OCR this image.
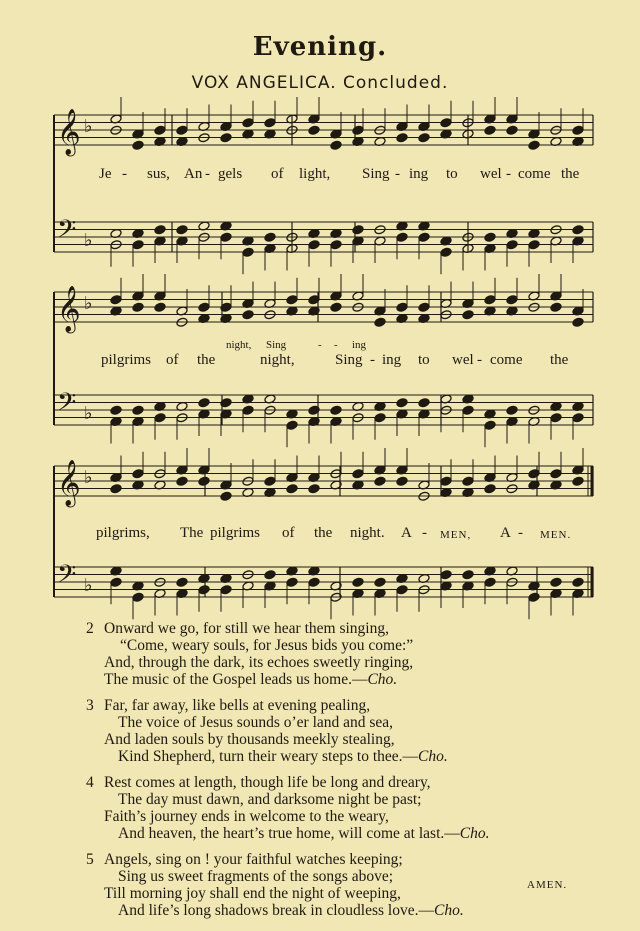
Evening.
VOX ANGELICA. Concluded.
𝄞 ♭
𝄢 ♭
𝄞 ♭
𝄢 ♭
𝄞 ♭
𝄢 ♭
Je - sus, An - gels of light, Sing - ing to wel - come the
night, Sing	- - ing
pilgrims of the	night,	Sing - ing to wel - come the
pilgrims, The pilgrims of the night. A - MEN, A - MEN.
2 Onward we go, for still we hear them singing,
“Come, weary souls, for Jesus bids you come:”
And, through the dark, its echoes sweetly ringing,
The music of the Gospel leads us home.—Cho.
3 Far, far away, like bells at evening pealing,
The voice of Jesus sounds o’er land and sea,
And laden souls by thousands meekly stealing,
Kind Shepherd, turn their weary steps to thee.—Cho.
4 Rest comes at length, though life be long and dreary,
The day must dawn, and darksome night be past;
Faith’s journey ends in welcome to the weary,
And heaven, the heart’s true home, will come at last.—Cho.
5 Angels, sing on ! your faithful watches keeping;
Sing us sweet fragments of the songs above;
Till morning joy shall end the night of weeping,
And life’s long shadows break in cloudless love.—Cho.
AMEN.
